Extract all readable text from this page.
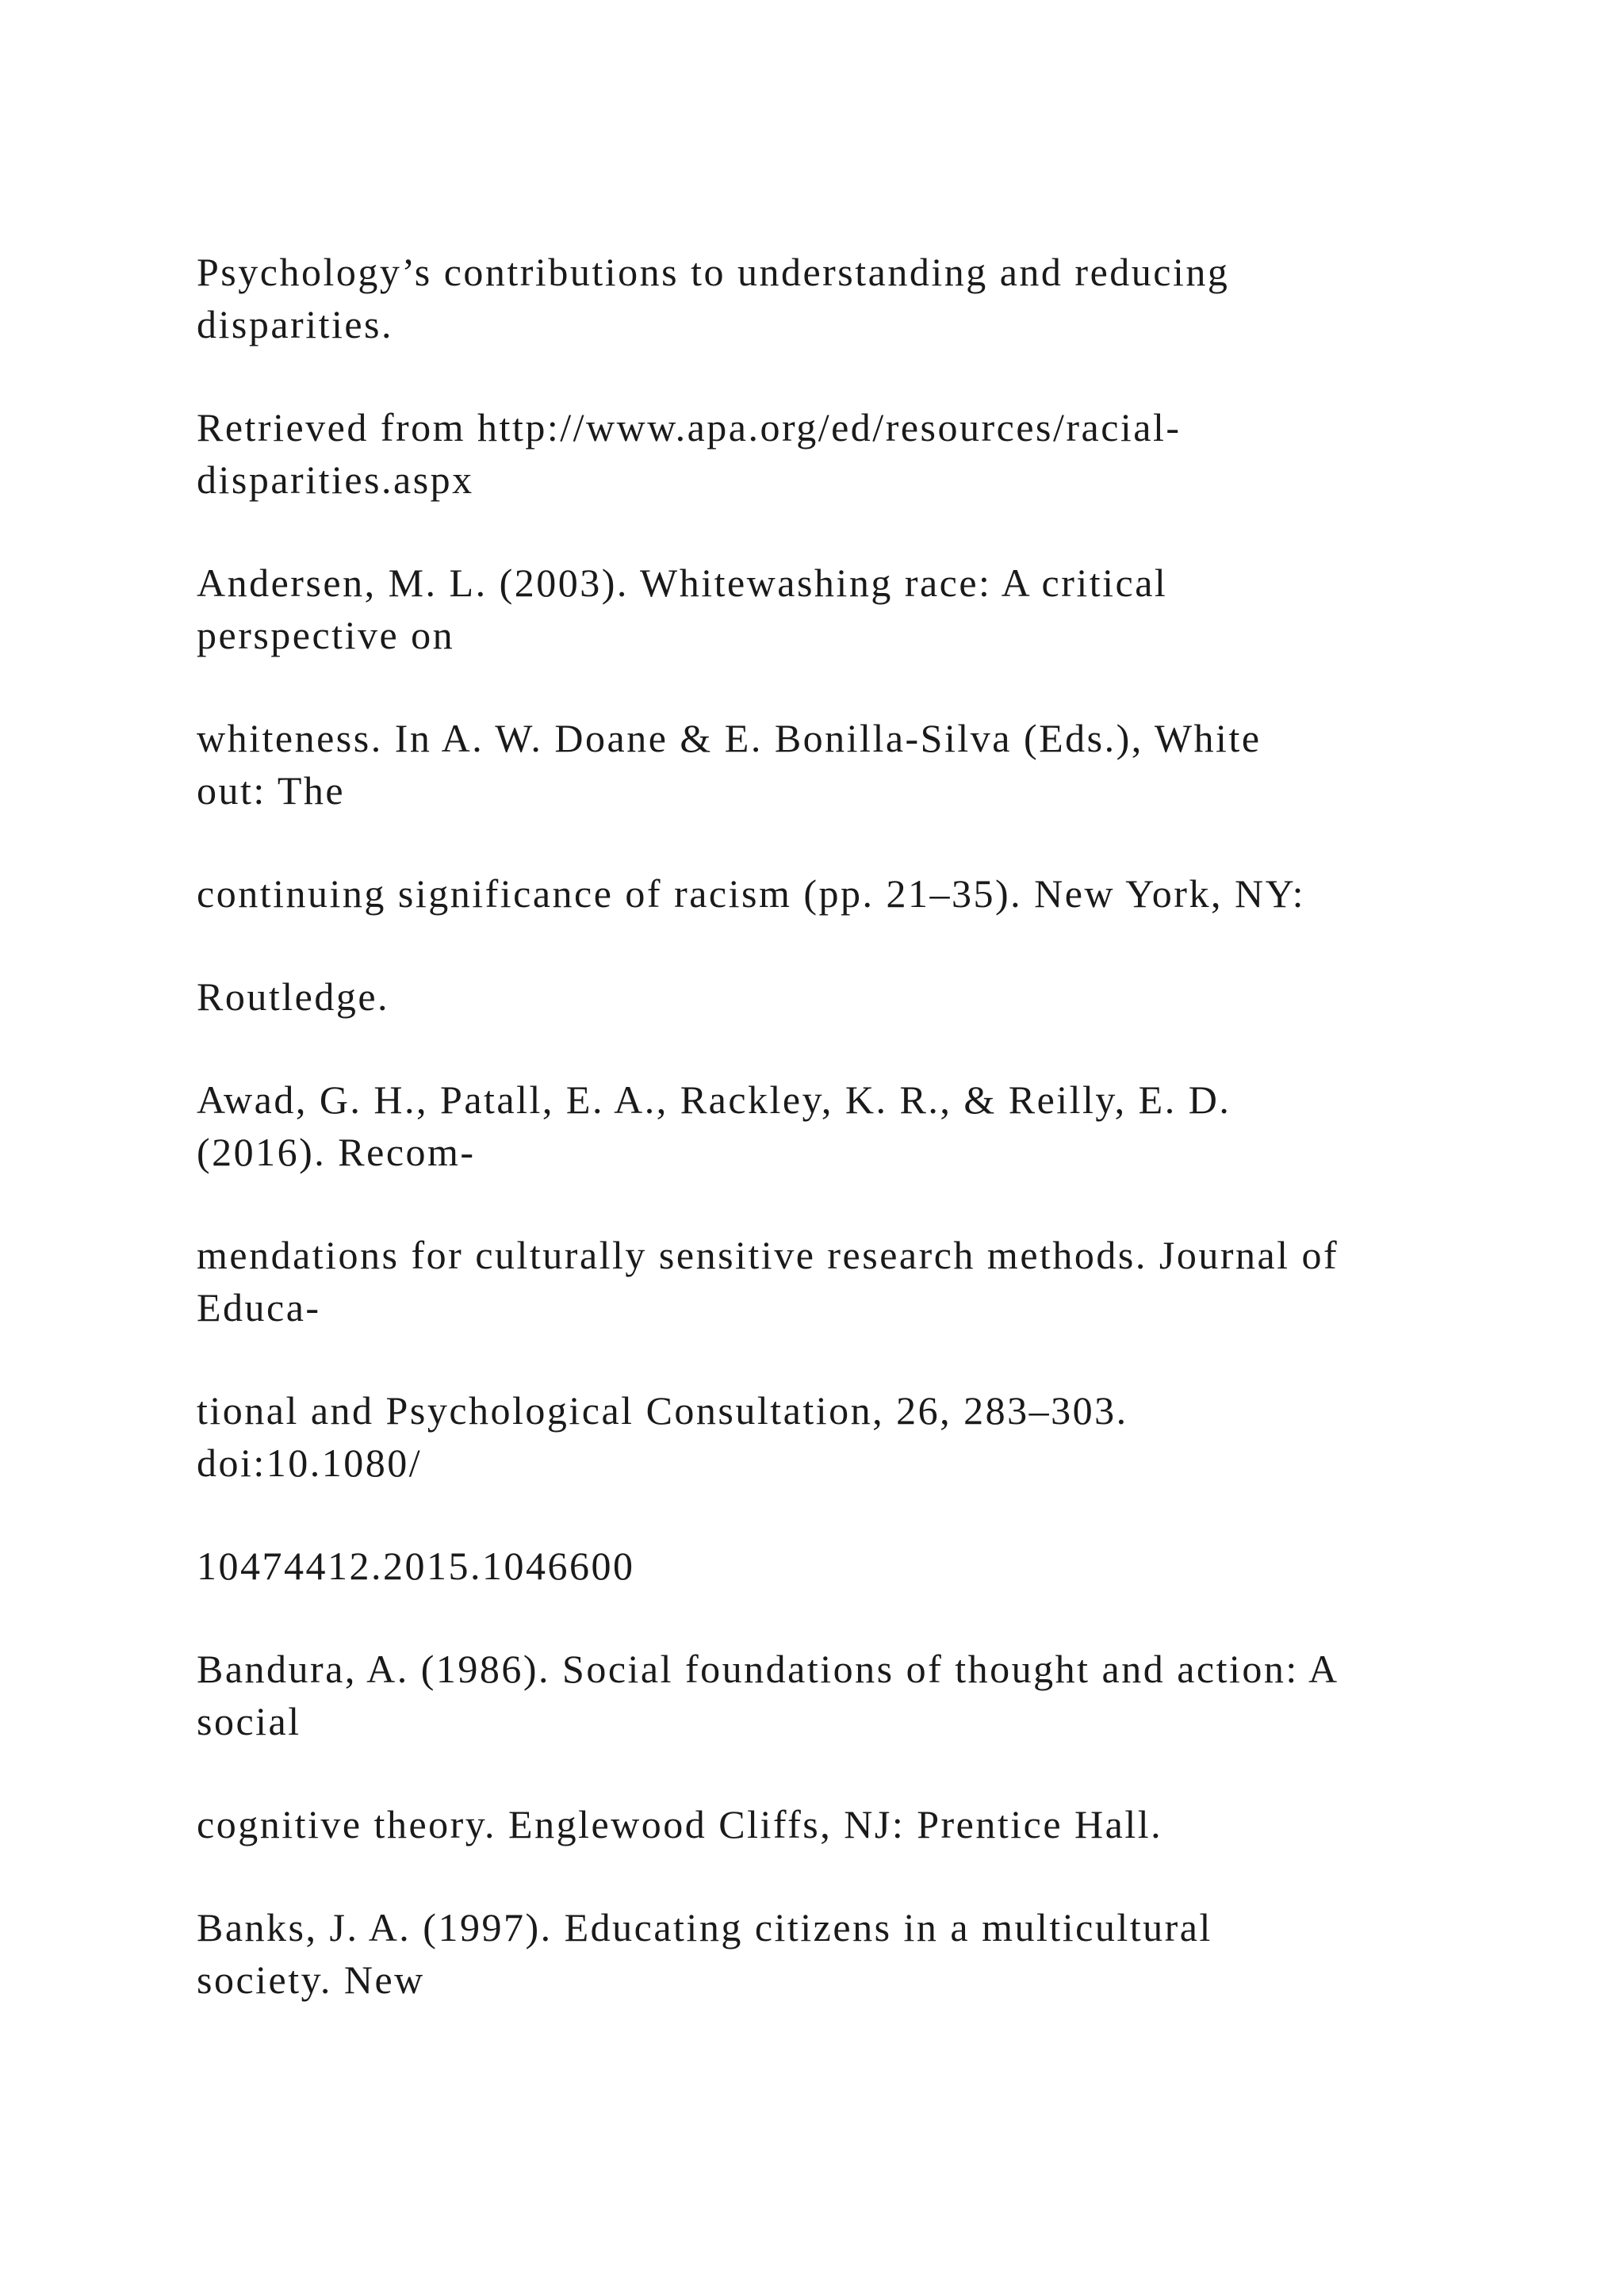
Psychology’s contributions to understanding and reducing
disparities.

Retrieved from http://www.apa.org/ed/resources/racial-
disparities.aspx

Andersen, M. L. (2003). Whitewashing race: A critical
perspective on

whiteness. In A. W. Doane & E. Bonilla-Silva (Eds.), White
out: The

continuing significance of racism (pp. 21–35). New York, NY:

Routledge.

Awad, G. H., Patall, E. A., Rackley, K. R., & Reilly, E. D.
(2016). Recom-

mendations for culturally sensitive research methods. Journal of
Educa-

tional and Psychological Consultation, 26, 283–303.
doi:10.1080/

10474412.2015.1046600

Bandura, A. (1986). Social foundations of thought and action: A
social

cognitive theory. Englewood Cliffs, NJ: Prentice Hall.

Banks, J. A. (1997). Educating citizens in a multicultural
society. New
